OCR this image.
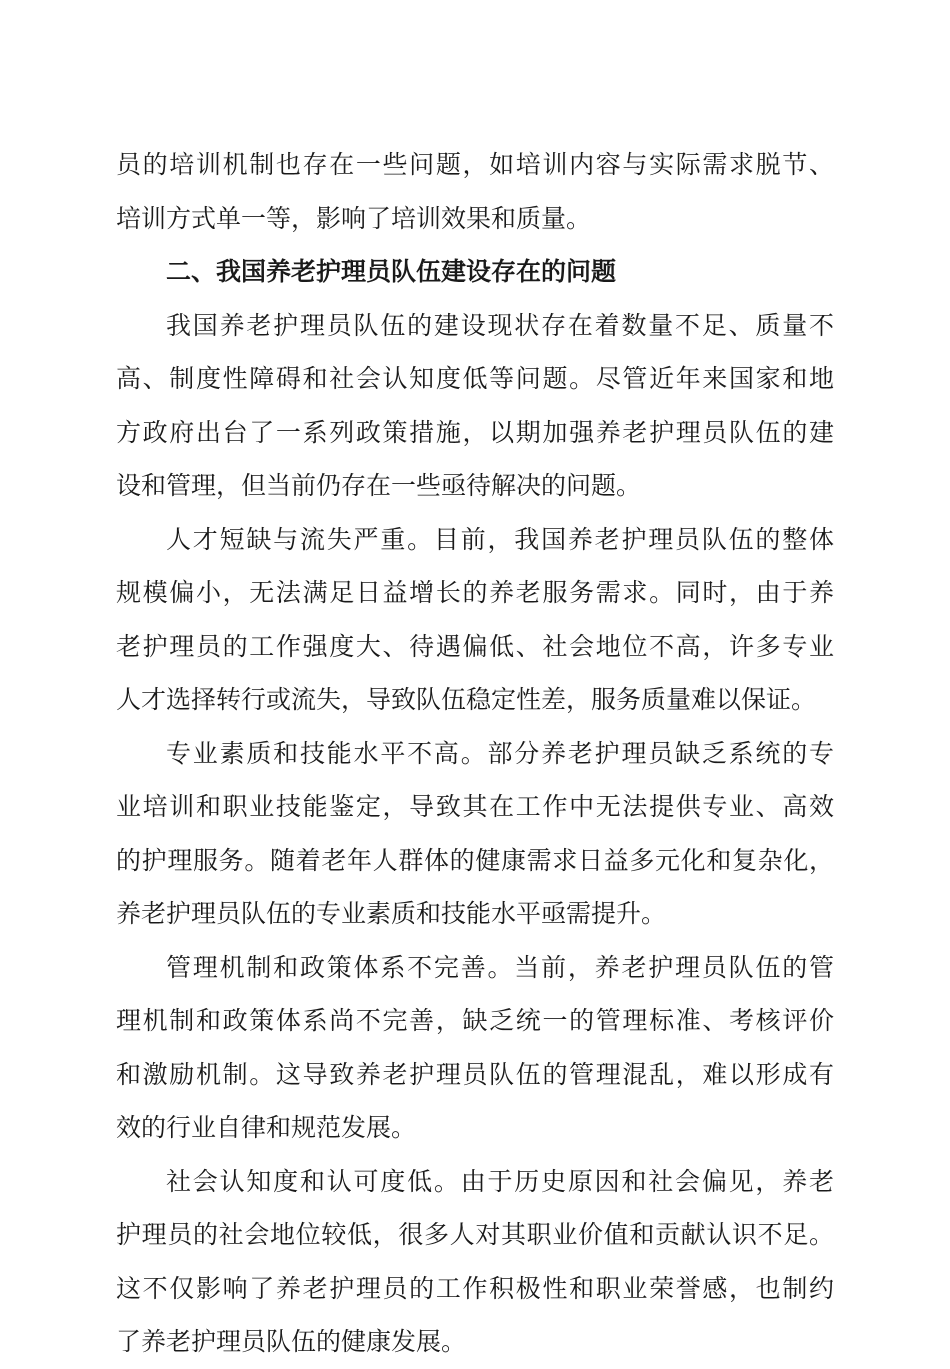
员的培训机制也存在一些问题，如培训内容与实际需求脱节、
培训方式单一等，影响了培训效果和质量。
二、我国养老护理员队伍建设存在的问题
我国养老护理员队伍的建设现状存在着数量不足、质量不
高、制度性障碍和社会认知度低等问题。尽管近年来国家和地
方政府出台了一系列政策措施，以期加强养老护理员队伍的建
设和管理，但当前仍存在一些亟待解决的问题。
人才短缺与流失严重。目前，我国养老护理员队伍的整体
规模偏小，无法满足日益增长的养老服务需求。同时，由于养
老护理员的工作强度大、待遇偏低、社会地位不高，许多专业
人才选择转行或流失，导致队伍稳定性差，服务质量难以保证。
专业素质和技能水平不高。部分养老护理员缺乏系统的专
业培训和职业技能鉴定，导致其在工作中无法提供专业、高效
的护理服务。随着老年人群体的健康需求日益多元化和复杂化，
养老护理员队伍的专业素质和技能水平亟需提升。
管理机制和政策体系不完善。当前，养老护理员队伍的管
理机制和政策体系尚不完善，缺乏统一的管理标准、考核评价
和激励机制。这导致养老护理员队伍的管理混乱，难以形成有
效的行业自律和规范发展。
社会认知度和认可度低。由于历史原因和社会偏见，养老
护理员的社会地位较低，很多人对其职业价值和贡献认识不足。
这不仅影响了养老护理员的工作积极性和职业荣誉感，也制约
了养老护理员队伍的健康发展。
